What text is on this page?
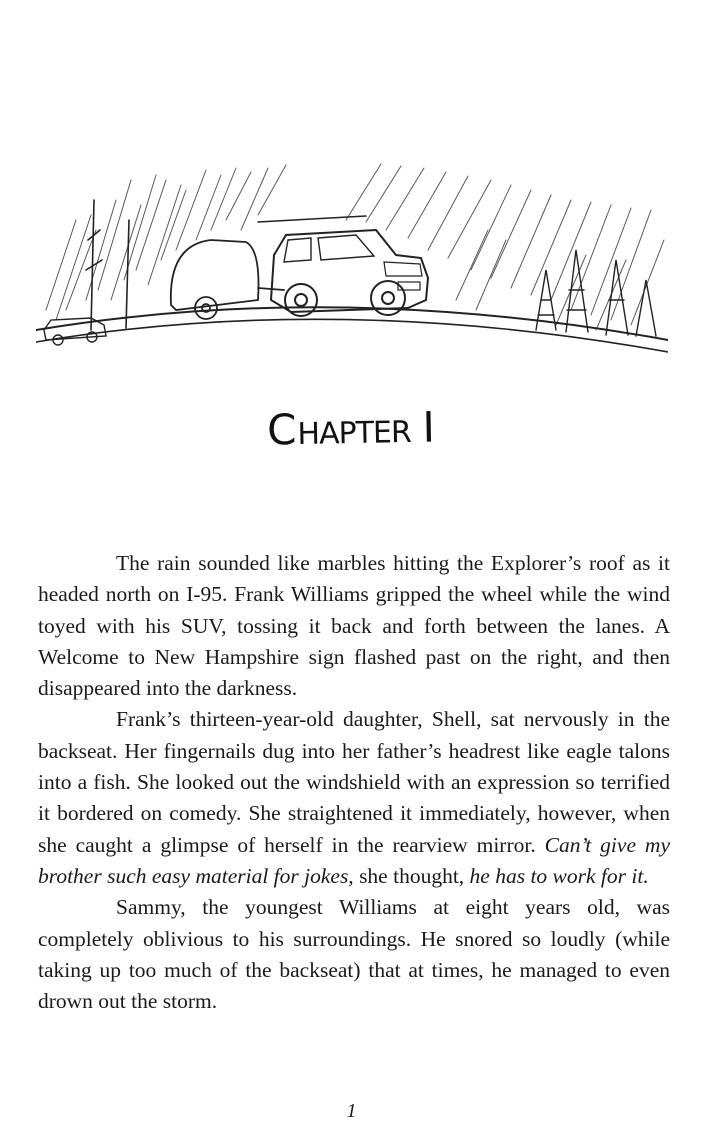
CHAPTER I

The rain sounded like marbles hitting the Explorer’s roof as it headed north on I-95. Frank Williams gripped the wheel while the wind toyed with his SUV, tossing it back and forth between the lanes. A Welcome to New Hampshire sign flashed past on the right, and then disappeared into the darkness.

Frank’s thirteen-year-old daughter, Shell, sat nervously in the backseat. Her fingernails dug into her father’s headrest like eagle talons into a fish. She looked out the windshield with an expression so terrified it bordered on comedy. She straightened it immediately, however, when she caught a glimpse of herself in the rearview mirror. Can’t give my brother such easy material for jokes, she thought, he has to work for it.

Sammy, the youngest Williams at eight years old, was completely oblivious to his surroundings. He snored so loudly (while taking up too much of the backseat) that at times, he managed to even drown out the storm.

1
